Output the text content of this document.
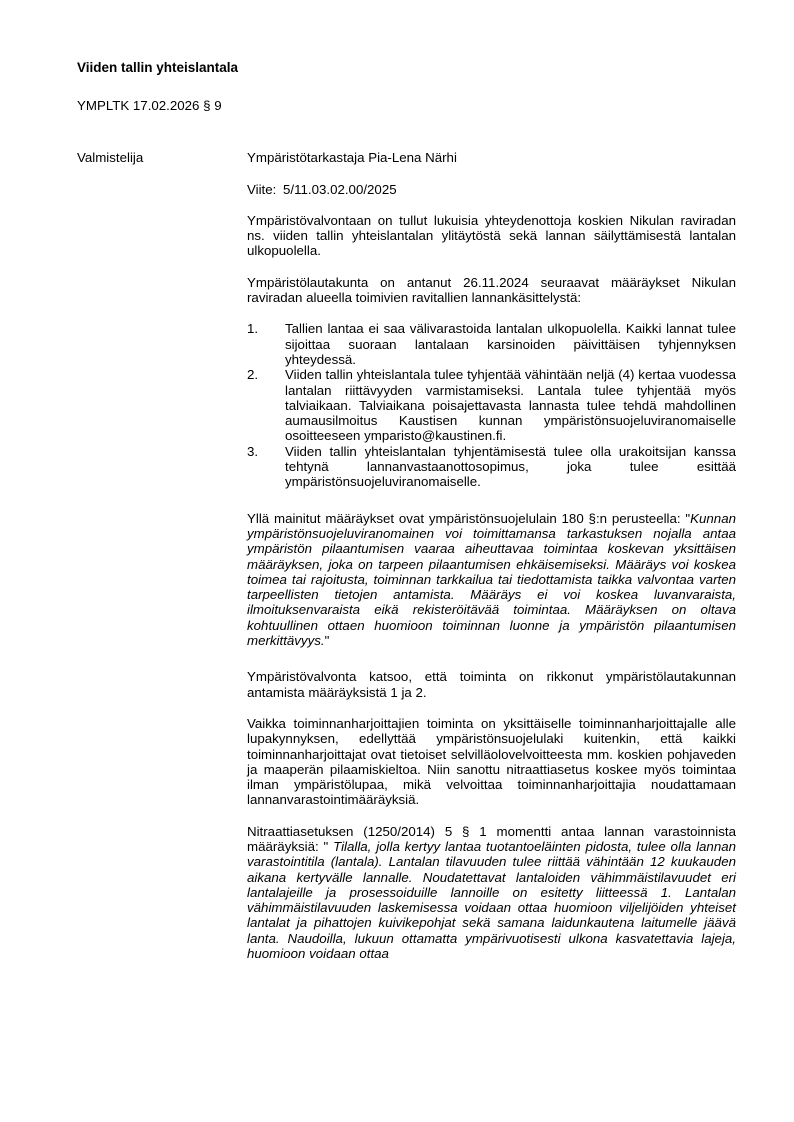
Viiden tallin yhteislantala

YMPLTK 17.02.2026 § 9

Valmistelija	Ympäristötarkastaja Pia-Lena Närhi

Viite: 5/11.03.02.00/2025

Ympäristövalvontaan on tullut lukuisia yhteydenottoja koskien Nikulan raviradan ns. viiden tallin yhteislantalan ylitäytöstä sekä lannan säilyttämisestä lantalan ulkopuolella.

Ympäristölautakunta on antanut 26.11.2024 seuraavat määräykset Nikulan raviradan alueella toimivien ravitallien lannankäsittelystä:

1.	Tallien lantaa ei saa välivarastoida lantalan ulkopuolella. Kaikki lannat tulee sijoittaa suoraan lantalaan karsinoiden päivittäisen tyhjennyksen yhteydessä.
2.	Viiden tallin yhteislantala tulee tyhjentää vähintään neljä (4) kertaa vuodessa lantalan riittävyyden varmistamiseksi. Lantala tulee tyhjentää myös talviaikaan. Talviaikana poisajettavasta lannasta tulee tehdä mahdollinen aumausilmoitus Kaustisen kunnan ympäristönsuojeluviranomaiselle osoitteeseen ymparisto@kaustinen.fi.
3.	Viiden tallin yhteislantalan tyhjentämisestä tulee olla urakoitsijan kanssa tehtynä lannanvastaanottosopimus, joka tulee esittää ympäristönsuojeluviranomaiselle.

Yllä mainitut määräykset ovat ympäristönsuojelulain 180 §:n perusteella: "Kunnan ympäristönsuojeluviranomainen voi toimittamansa tarkastuksen nojalla antaa ympäristön pilaantumisen vaaraa aiheuttavaa toimintaa koskevan yksittäisen määräyksen, joka on tarpeen pilaantumisen ehkäisemiseksi. Määräys voi koskea toimea tai rajoitusta, toiminnan tarkkailua tai tiedottamista taikka valvontaa varten tarpeellisten tietojen antamista. Määräys ei voi koskea luvanvaraista, ilmoituksenvaraista eikä rekisteröitävää toimintaa. Määräyksen on oltava kohtuullinen ottaen huomioon toiminnan luonne ja ympäristön pilaantumisen merkittävyys."

Ympäristövalvonta katsoo, että toiminta on rikkonut ympäristölautakunnan antamista määräyksistä 1 ja 2.

Vaikka toiminnanharjoittajien toiminta on yksittäiselle toiminnanharjoittajalle alle lupakynnyksen, edellyttää ympäristönsuojelulaki kuitenkin, että kaikki toiminnanharjoittajat ovat tietoiset selvilläolovelvoitteesta mm. koskien pohjaveden ja maaperän pilaamiskieltoa. Niin sanottu nitraattiasetus koskee myös toimintaa ilman ympäristölupaa, mikä velvoittaa toiminnanharjoittajia noudattamaan lannanvarastointimääräyksiä.

Nitraattiasetuksen (1250/2014) 5 § 1 momentti antaa lannan varastoinnista määräyksiä: " Tilalla, jolla kertyy lantaa tuotantoeläinten pidosta, tulee olla lannan varastointitila (lantala). Lantalan tilavuuden tulee riittää vähintään 12 kuukauden aikana kertyvälle lannalle. Noudatettavat lantaloiden vähimmäistilavuudet eri lantalajeille ja prosessoiduille lannoille on esitetty liitteessä 1. Lantalan vähimmäistilavuuden laskemisessa voidaan ottaa huomioon viljelijöiden yhteiset lantalat ja pihattojen kuivikepohjat sekä samana laidunkautena laitumelle jäävä lanta. Naudoilla, lukuun ottamatta ympärivuotisesti ulkona kasvatettavia lajeja, huomioon voidaan ottaa
